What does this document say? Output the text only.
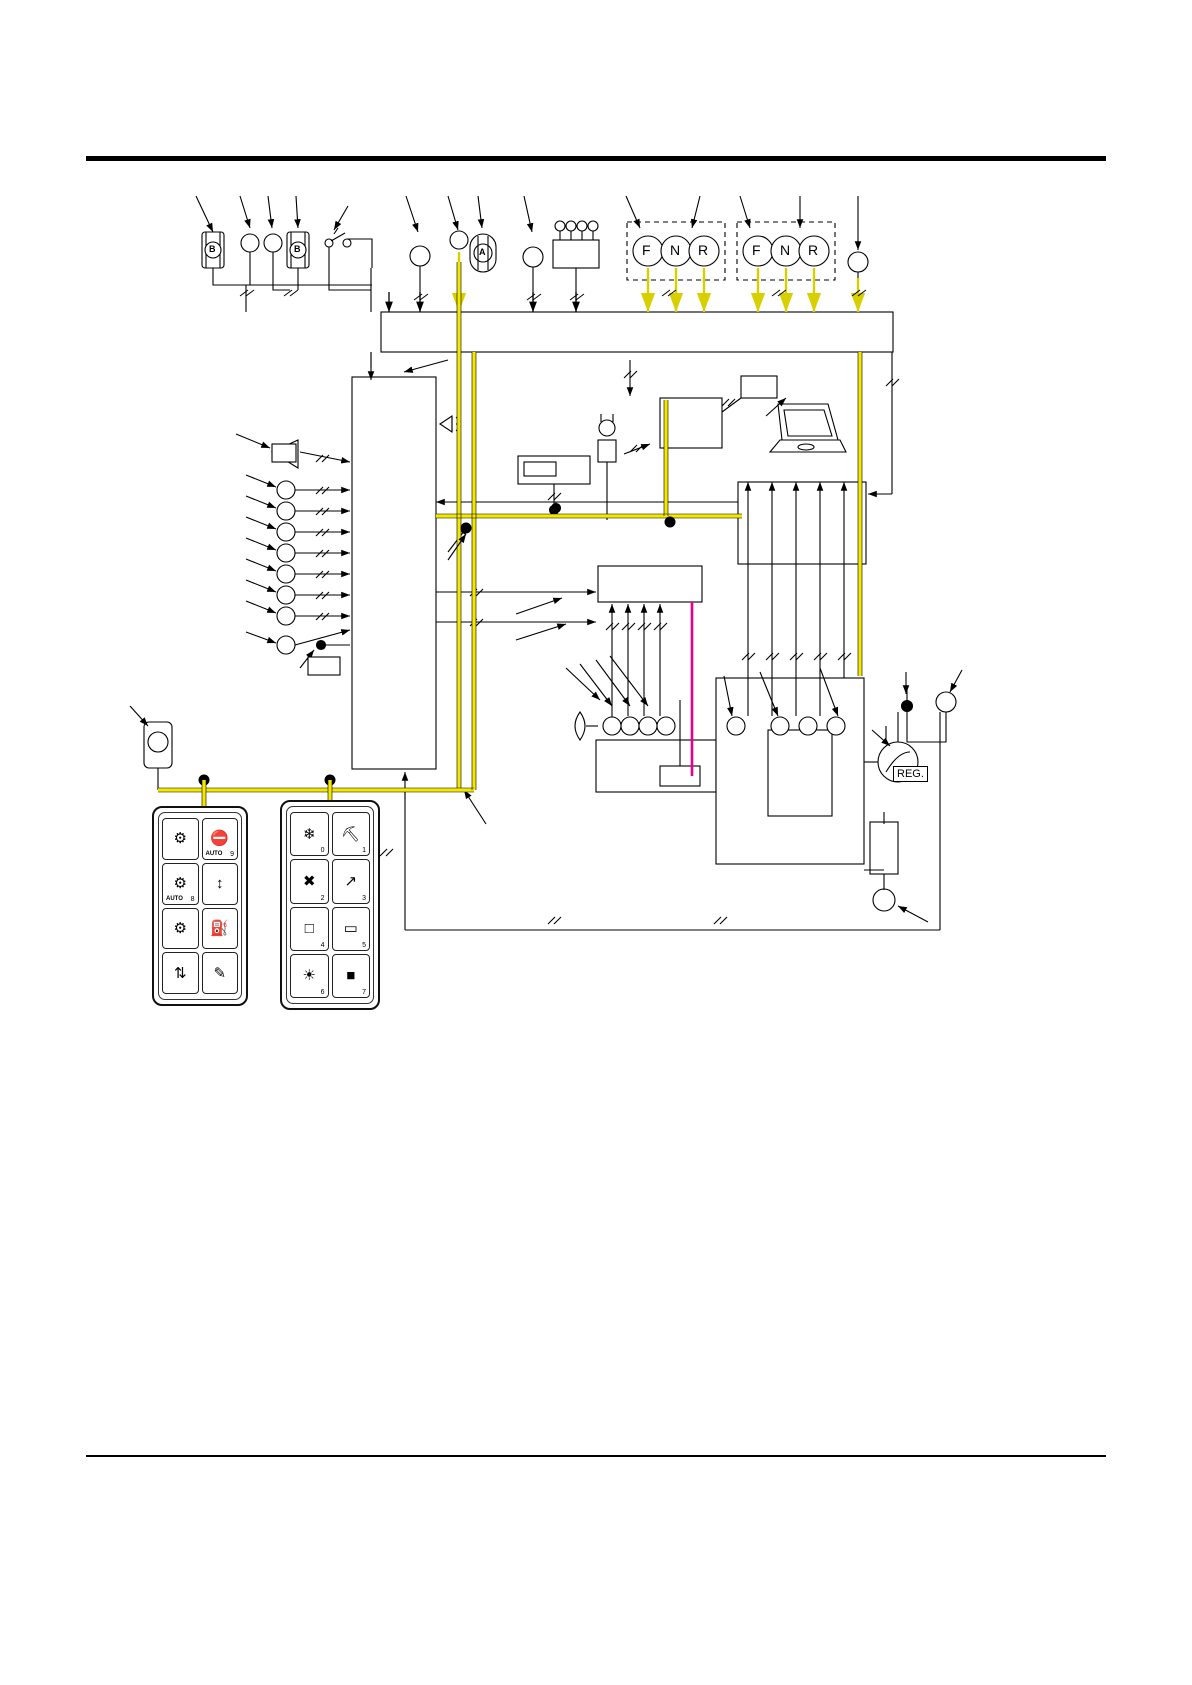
REG.
F N R	F N R
B	B	A
⚙ ⛔
AUTO 9
⚙
AUTO 8
↕
⚙ ⛽
⇅ ✎
❄
0
⛏
1
✖
2
↗
3
□
4
▭
5
☀
6
■
7
